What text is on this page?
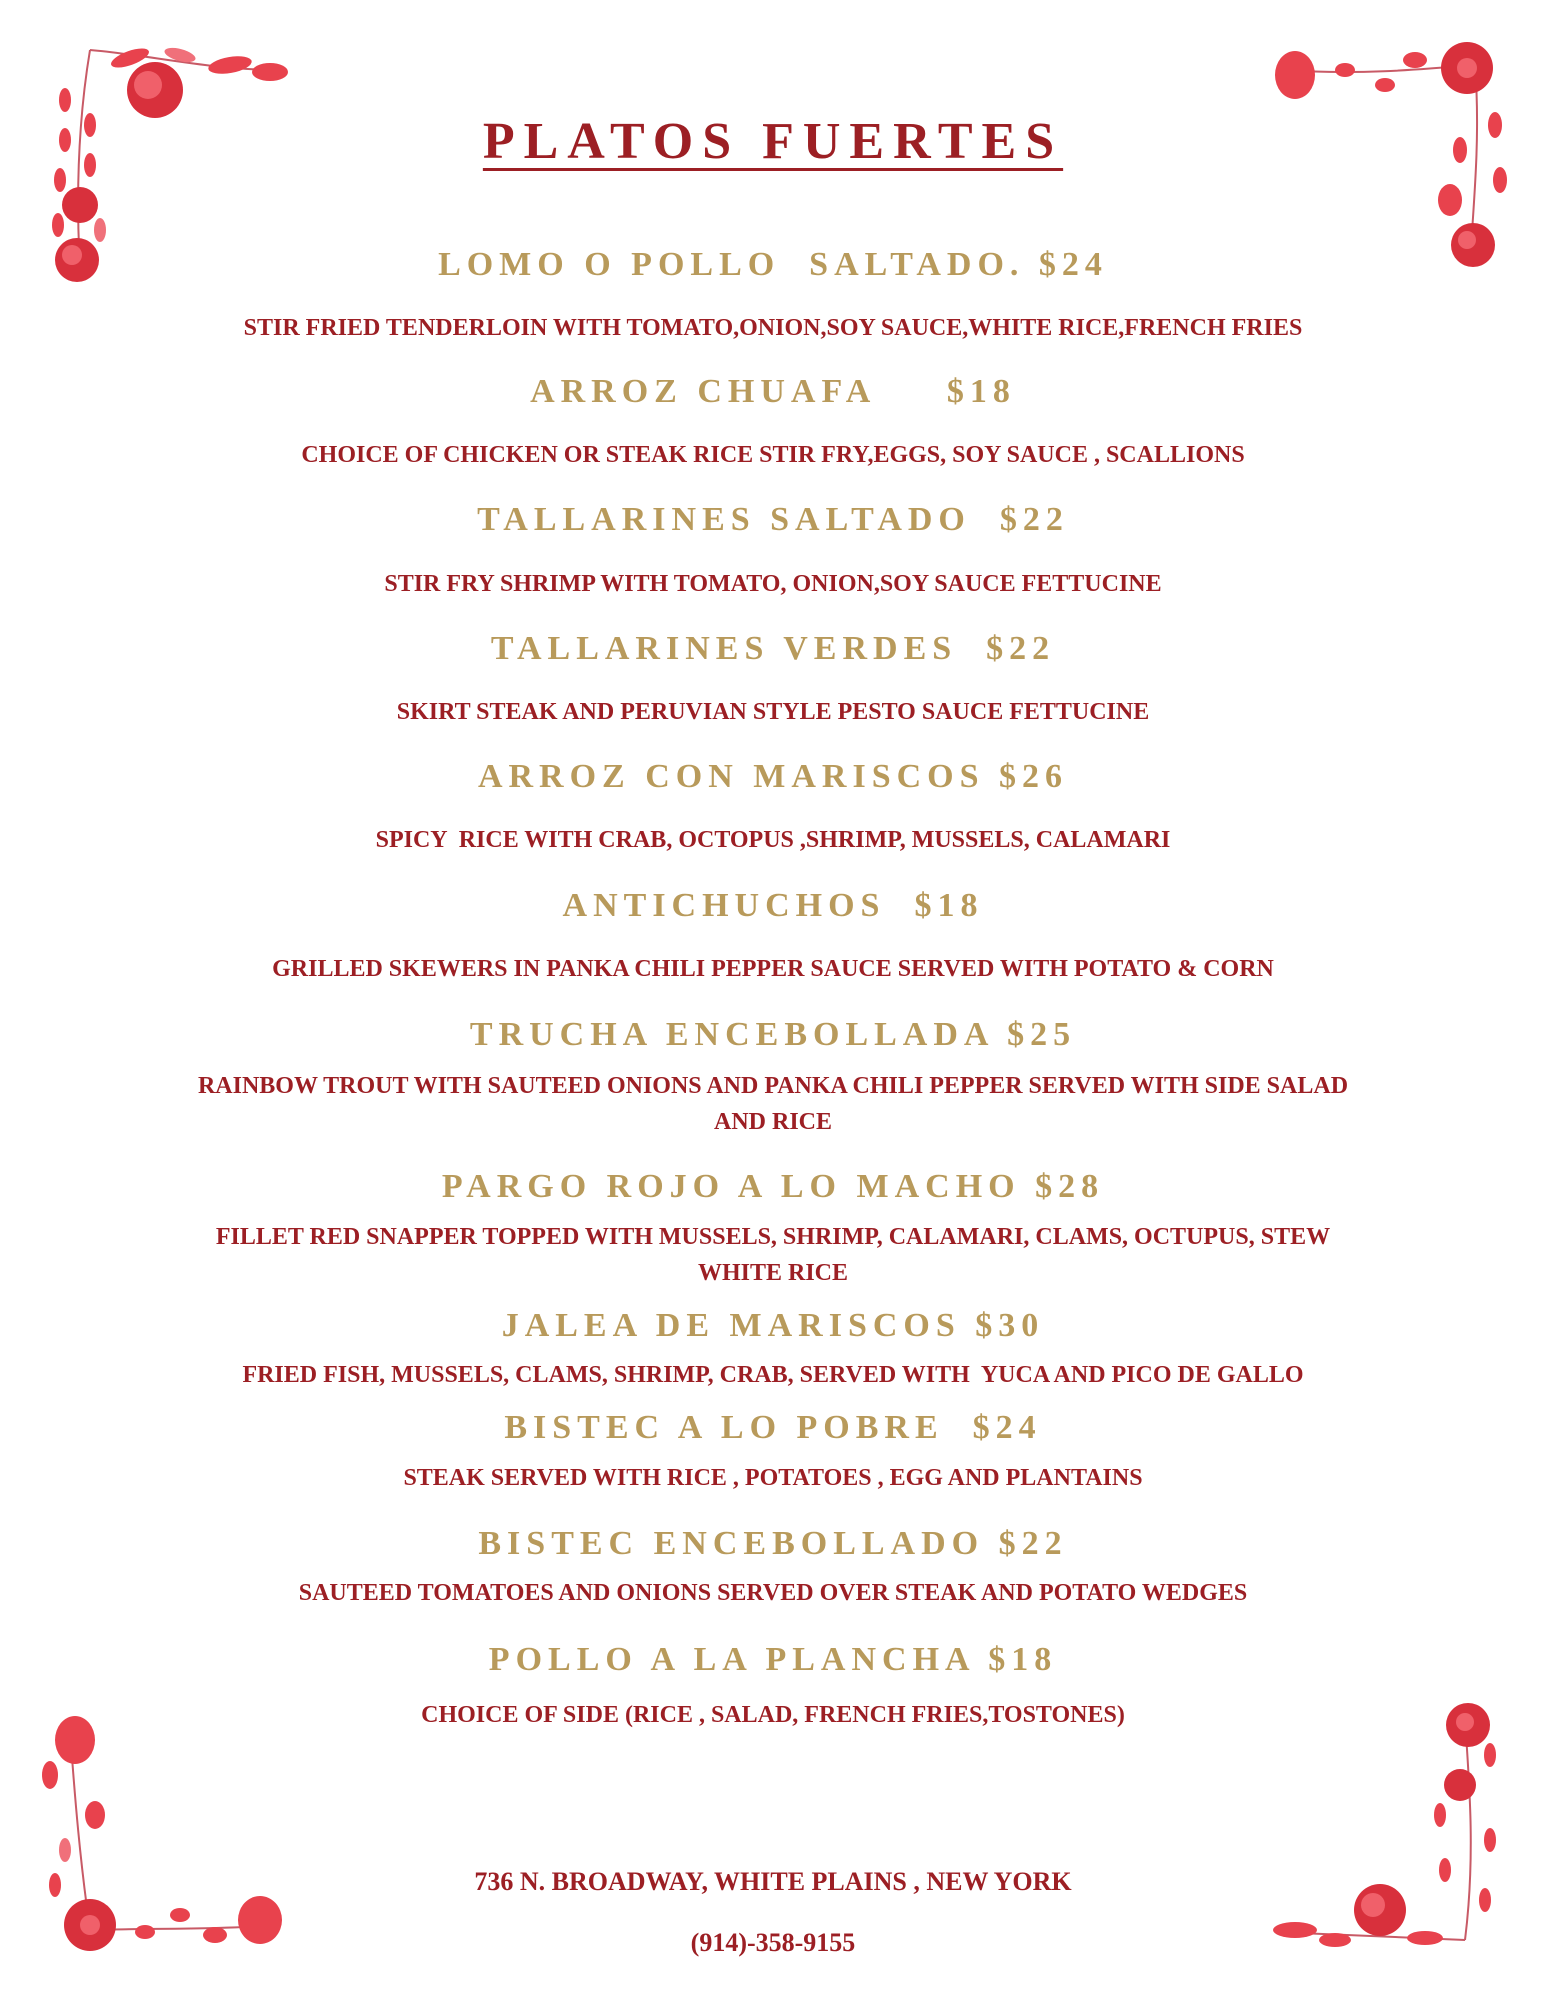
PLATOS FUERTES

LOMO O POLLO  SALTADO. $24

STIR FRIED TENDERLOIN WITH TOMATO,ONION,SOY SAUCE,WHITE RICE,FRENCH FRIES

ARROZ CHUAFA     $18

CHOICE OF CHICKEN OR STEAK RICE STIR FRY,EGGS, SOY SAUCE , SCALLIONS

TALLARINES SALTADO  $22

STIR FRY SHRIMP WITH TOMATO, ONION,SOY SAUCE FETTUCINE

TALLARINES VERDES  $22

SKIRT STEAK AND PERUVIAN STYLE PESTO SAUCE FETTUCINE

ARROZ CON MARISCOS $26

SPICY  RICE WITH CRAB, OCTOPUS ,SHRIMP, MUSSELS, CALAMARI

ANTICHUCHOS  $18

GRILLED SKEWERS IN PANKA CHILI PEPPER SAUCE SERVED WITH POTATO & CORN

TRUCHA ENCEBOLLADA $25

RAINBOW TROUT WITH SAUTEED ONIONS AND PANKA CHILI PEPPER SERVED WITH SIDE SALAD AND RICE

PARGO ROJO A LO MACHO $28

FILLET RED SNAPPER TOPPED WITH MUSSELS, SHRIMP, CALAMARI, CLAMS, OCTUPUS, STEW WHITE RICE

JALEA DE MARISCOS $30

FRIED FISH, MUSSELS, CLAMS, SHRIMP, CRAB, SERVED WITH  YUCA AND PICO DE GALLO

BISTEC A LO POBRE  $24

STEAK SERVED WITH RICE , POTATOES , EGG AND PLANTAINS

BISTEC ENCEBOLLADO $22

SAUTEED TOMATOES AND ONIONS SERVED OVER STEAK AND POTATO WEDGES

POLLO A LA PLANCHA $18

CHOICE OF SIDE (RICE , SALAD, FRENCH FRIES,TOSTONES)

736 N. BROADWAY, WHITE PLAINS , NEW YORK

(914)-358-9155
